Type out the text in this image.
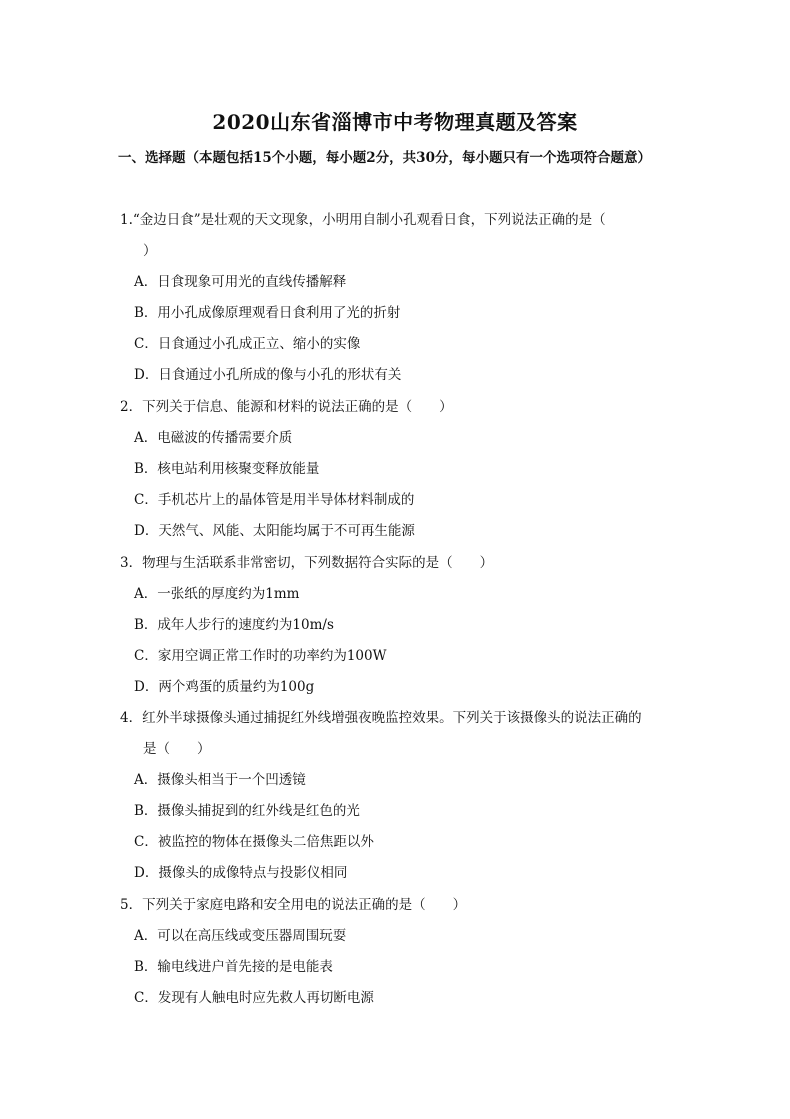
2020山东省淄博市中考物理真题及答案
一、选择题（本题包括15个小题，每小题2分，共30分，每小题只有一个选项符合题意）
1.“金边日食”是壮观的天文现象，小明用自制小孔观看日食，下列说法正确的是（
）
A．日食现象可用光的直线传播解释
B．用小孔成像原理观看日食利用了光的折射
C．日食通过小孔成正立、缩小的实像
D．日食通过小孔所成的像与小孔的形状有关
2．下列关于信息、能源和材料的说法正确的是（　　）
A．电磁波的传播需要介质
B．核电站利用核聚变释放能量
C．手机芯片上的晶体管是用半导体材料制成的
D．天然气、风能、太阳能均属于不可再生能源
3．物理与生活联系非常密切，下列数据符合实际的是（　　）
A．一张纸的厚度约为1mm
B．成年人步行的速度约为10m/s
C．家用空调正常工作时的功率约为100W
D．两个鸡蛋的质量约为100g
4．红外半球摄像头通过捕捉红外线增强夜晚监控效果。下列关于该摄像头的说法正确的
是（　　）
A．摄像头相当于一个凹透镜
B．摄像头捕捉到的红外线是红色的光
C．被监控的物体在摄像头二倍焦距以外
D．摄像头的成像特点与投影仪相同
5．下列关于家庭电路和安全用电的说法正确的是（　　）
A．可以在高压线或变压器周围玩耍
B．输电线进户首先接的是电能表
C．发现有人触电时应先救人再切断电源
